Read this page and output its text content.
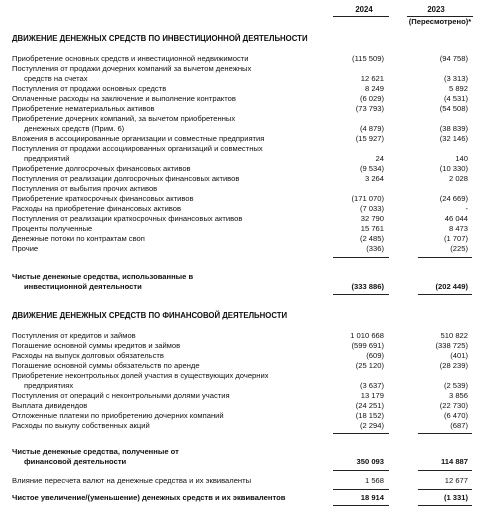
2024	2023
(Пересмотрено)*
ДВИЖЕНИЕ ДЕНЕЖНЫХ СРЕДСТВ ПО ИНВЕСТИЦИОННОЙ ДЕЯТЕЛЬНОСТИ
Приобретение основных средств и инвестиционной недвижимости	(115 509)	(94 758)
Поступления от продажи дочерних компаний за вычетом денежных
средств на счетах	12 621	(3 313)
Поступления от продажи основных средств	8 249	5 892
Оплаченные расходы на заключение и выполнение контрактов	(6 029)	(4 531)
Приобретение нематериальных активов	(73 793)	(54 508)
Приобретение дочерних компаний, за вычетом приобретенных
денежных средств (Прим. 6)	(4 879)	(38 839)
Вложения в ассоциированные организации и совместные предприятия	(15 927)	(32 146)
Поступления от продажи ассоциированных организаций и совместных
предприятий	24	140
Приобретение долгосрочных финансовых активов	(9 534)	(10 330)
Поступления от реализации долгосрочных финансовых активов	3 264	2 028
Поступления от выбытия прочих активов
Приобретение краткосрочных финансовых активов	(171 070)	(24 669)
Расходы на приобретение финансовых активов	(7 033)	-
Поступления от реализации краткосрочных финансовых активов	32 790	46 044
Проценты полученные	15 761	8 473
Денежные потоки по контрактам своп	(2 485)	(1 707)
Прочие	(336)	(225)
Чистые денежные средства, использованные в
инвестиционной деятельности	(333 886)	(202 449)
ДВИЖЕНИЕ ДЕНЕЖНЫХ СРЕДСТВ ПО ФИНАНСОВОЙ ДЕЯТЕЛЬНОСТИ
Поступления от кредитов и займов	1 010 668	510 822
Погашение основной суммы кредитов и займов	(599 691)	(338 725)
Расходы на выпуск долговых обязательств	(609)	(401)
Погашение основной суммы обязательств по аренде	(25 120)	(28 239)
Приобретение неконтрольных долей участия в существующих дочерних
предприятиях	(3 637)	(2 539)
Поступления от операций с неконтрольными долями участия	13 179	3 856
Выплата дивидендов	(24 251)	(22 730)
Отложенные платежи по приобретению дочерних компаний	(18 152)	(6 470)
Расходы по выкупу собственных акций	(2 294)	(687)
Чистые денежные средства, полученные от
финансовой деятельности	350 093	114 887
Влияние пересчета валют на денежные средства и их эквиваленты	1 568	12 677
Чистое увеличение/(уменьшение) денежных средств и их эквивалентов	18 914	(1 331)
